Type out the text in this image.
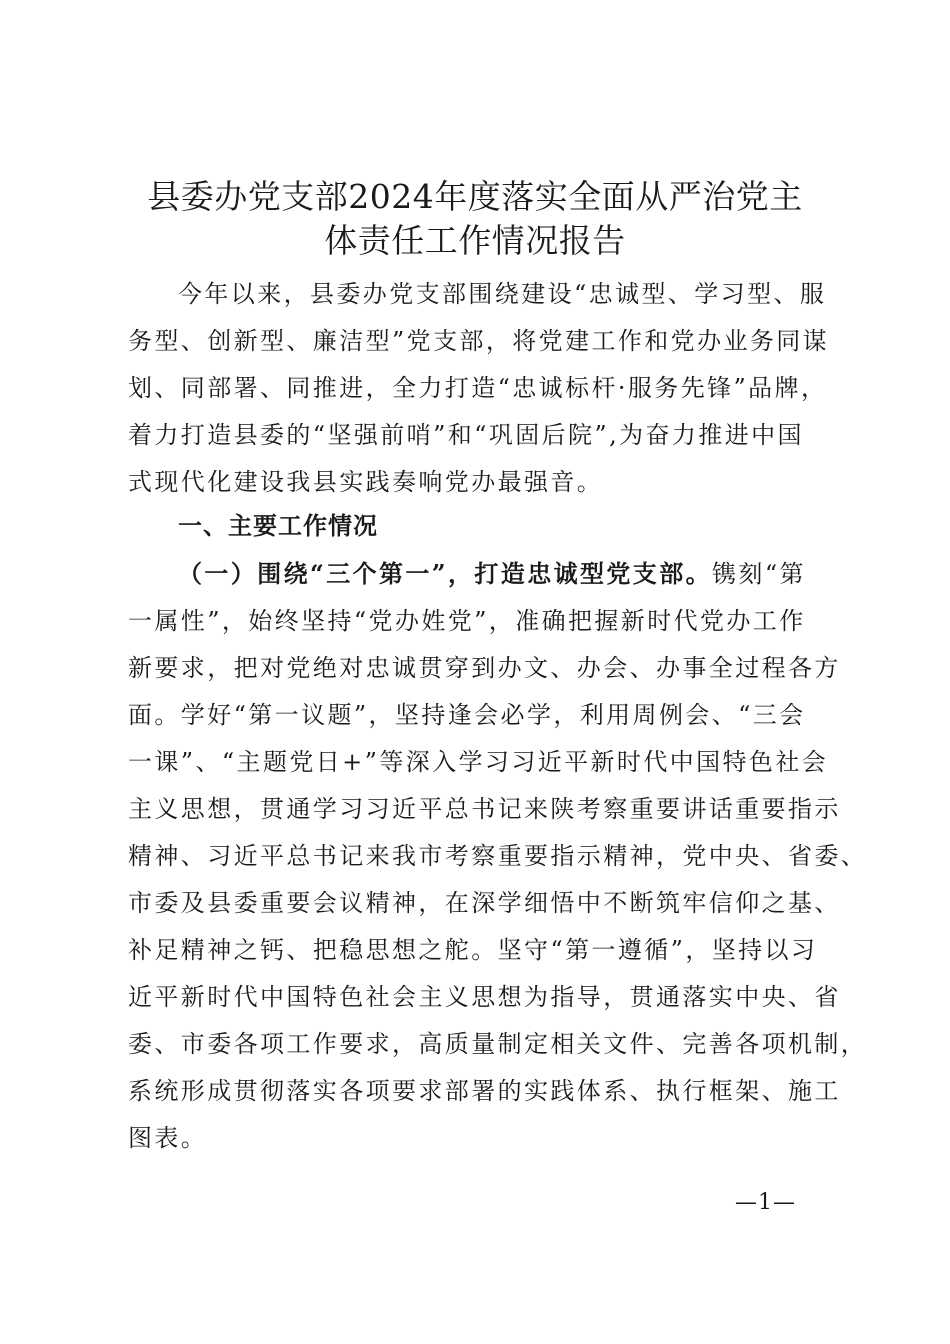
县委办党支部2024年度落实全面从严治党主
体责任工作情况报告
今年以来，县委办党支部围绕建设“忠诚型、学习型、服
务型、创新型、廉洁型”党支部，将党建工作和党办业务同谋
划、同部署、同推进，全力打造“忠诚标杆·服务先锋”品牌，
着力打造县委的“坚强前哨”和“巩固后院”,为奋力推进中国
式现代化建设我县实践奏响党办最强音。
一、主要工作情况
（一）围绕“三个第一”，打造忠诚型党支部。镌刻“第
一属性”，始终坚持“党办姓党”，准确把握新时代党办工作
新要求，把对党绝对忠诚贯穿到办文、办会、办事全过程各方
面。学好“第一议题”，坚持逢会必学，利用周例会、“三会
一课”、“主题党日+”等深入学习习近平新时代中国特色社会
主义思想，贯通学习习近平总书记来陕考察重要讲话重要指示
精神、习近平总书记来我市考察重要指示精神，党中央、省委、
市委及县委重要会议精神，在深学细悟中不断筑牢信仰之基、
补足精神之钙、把稳思想之舵。坚守“第一遵循”，坚持以习
近平新时代中国特色社会主义思想为指导，贯通落实中央、省
委、市委各项工作要求，高质量制定相关文件、完善各项机制，
系统形成贯彻落实各项要求部署的实践体系、执行框架、施工
图表。
—1—
